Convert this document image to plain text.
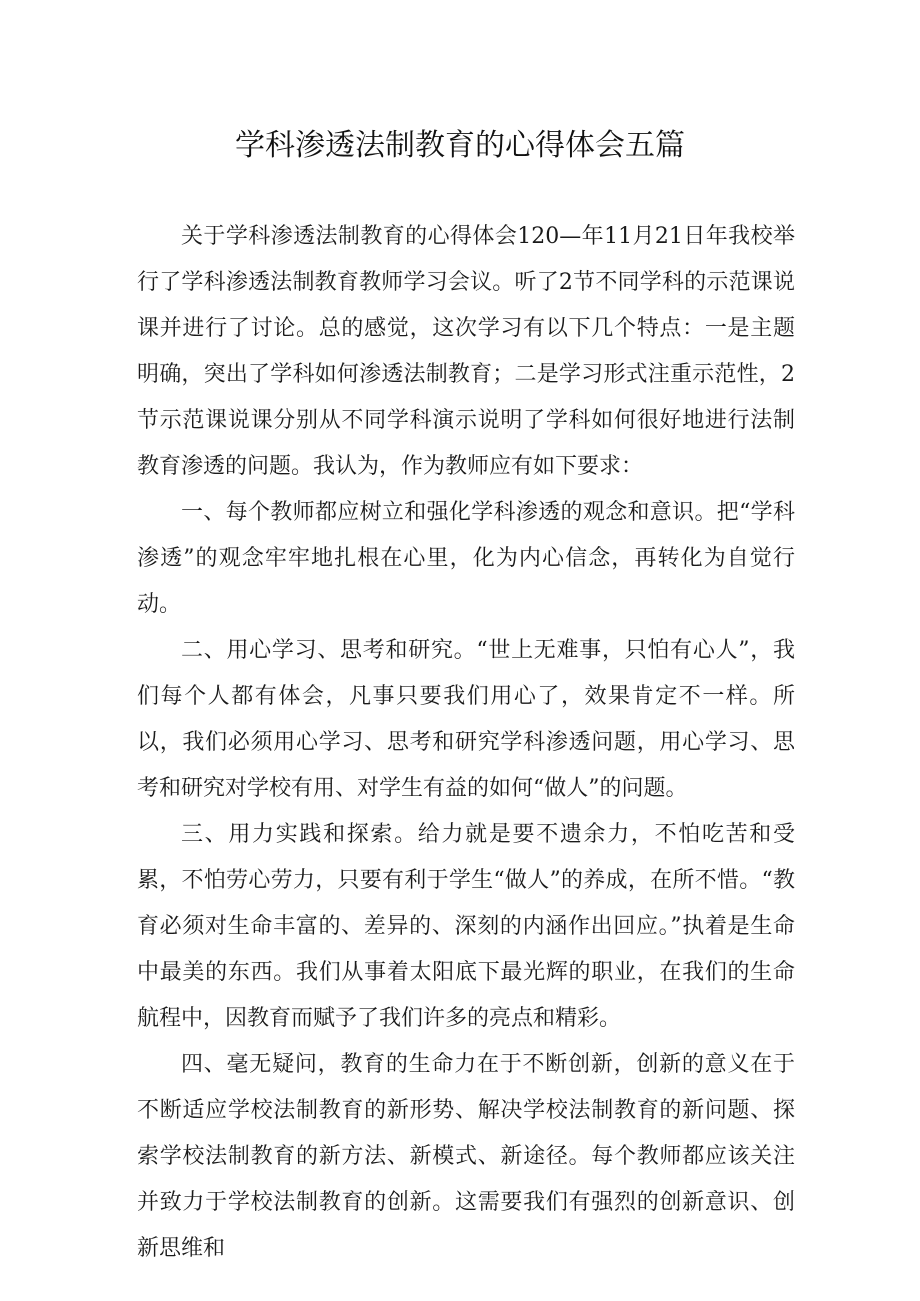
学科渗透法制教育的心得体会五篇

关于学科渗透法制教育的心得体会120—年11月21日年我校举行了学科渗透法制教育教师学习会议。听了2节不同学科的示范课说课并进行了讨论。总的感觉，这次学习有以下几个特点：一是主题明确，突出了学科如何渗透法制教育；二是学习形式注重示范性，2节示范课说课分别从不同学科演示说明了学科如何很好地进行法制教育渗透的问题。我认为，作为教师应有如下要求：

一、每个教师都应树立和强化学科渗透的观念和意识。把“学科渗透”的观念牢牢地扎根在心里，化为内心信念，再转化为自觉行动。

二、用心学习、思考和研究。“世上无难事，只怕有心人”，我们每个人都有体会，凡事只要我们用心了，效果肯定不一样。所以，我们必须用心学习、思考和研究学科渗透问题，用心学习、思考和研究对学校有用、对学生有益的如何“做人”的问题。

三、用力实践和探索。给力就是要不遗余力，不怕吃苦和受累，不怕劳心劳力，只要有利于学生“做人”的养成，在所不惜。“教育必须对生命丰富的、差异的、深刻的内涵作出回应。”执着是生命中最美的东西。我们从事着太阳底下最光辉的职业，在我们的生命航程中，因教育而赋予了我们许多的亮点和精彩。

四、毫无疑问，教育的生命力在于不断创新，创新的意义在于不断适应学校法制教育的新形势、解决学校法制教育的新问题、探索学校法制教育的新方法、新模式、新途径。每个教师都应该关注并致力于学校法制教育的创新。这需要我们有强烈的创新意识、创新思维和
